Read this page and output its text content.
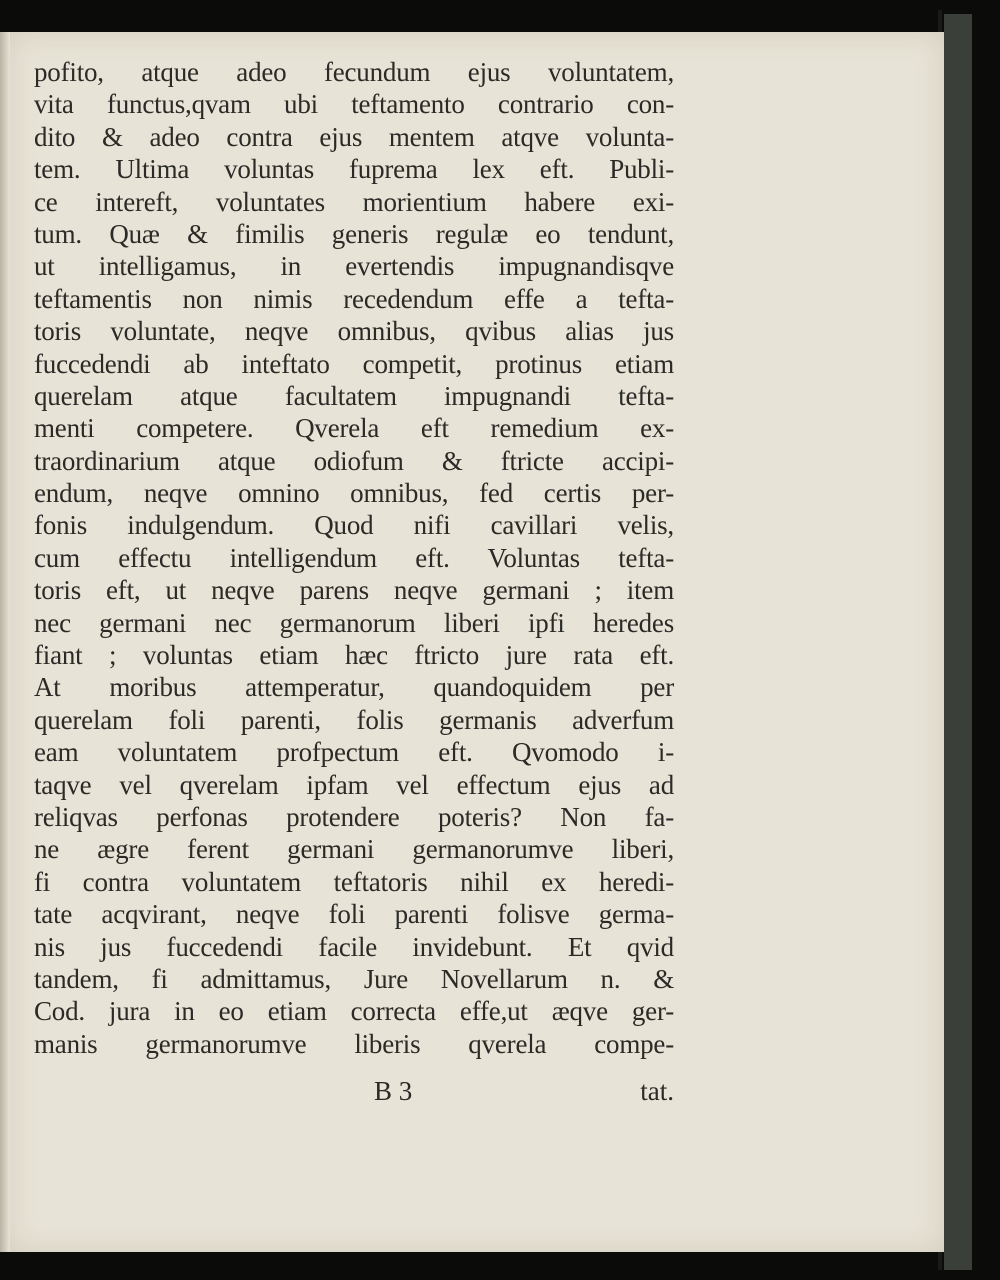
pofito, atque adeo fecundum ejus voluntatem,
vita functus,qvam ubi teftamento contrario con-
dito & adeo contra ejus mentem atqve volunta-
tem. Ultima voluntas fuprema lex eft. Publi-
ce intereft, voluntates morientium habere exi-
tum. Quæ & fimilis generis regulæ eo tendunt,
ut intelligamus, in evertendis impugnandisqve
teftamentis non nimis recedendum effe a tefta-
toris voluntate, neqve omnibus, qvibus alias jus
fuccedendi ab inteftato competit, protinus etiam
querelam atque facultatem impugnandi tefta-
menti competere. Qverela eft remedium ex-
traordinarium atque odiofum & ftricte accipi-
endum, neqve omnino omnibus, fed certis per-
fonis indulgendum. Quod nifi cavillari velis,
cum effectu intelligendum eft. Voluntas tefta-
toris eft, ut neqve parens neqve germani ; item
nec germani nec germanorum liberi ipfi heredes
fiant ; voluntas etiam hæc ftricto jure rata eft.
At moribus attemperatur, quandoquidem per
querelam foli parenti, folis germanis adverfum
eam voluntatem profpectum eft. Qvomodo i-
taqve vel qverelam ipfam vel effectum ejus ad
reliqvas perfonas protendere poteris? Non fa-
ne ægre ferent germani germanorumve liberi,
fi contra voluntatem teftatoris nihil ex heredi-
tate acqvirant, neqve foli parenti folisve germa-
nis jus fuccedendi facile invidebunt. Et qvid
tandem, fi admittamus, Jure Novellarum n. &
Cod. jura in eo etiam correcta effe,ut æqve ger-
manis germanorumve liberis qverela compe-
B 3	tat.
